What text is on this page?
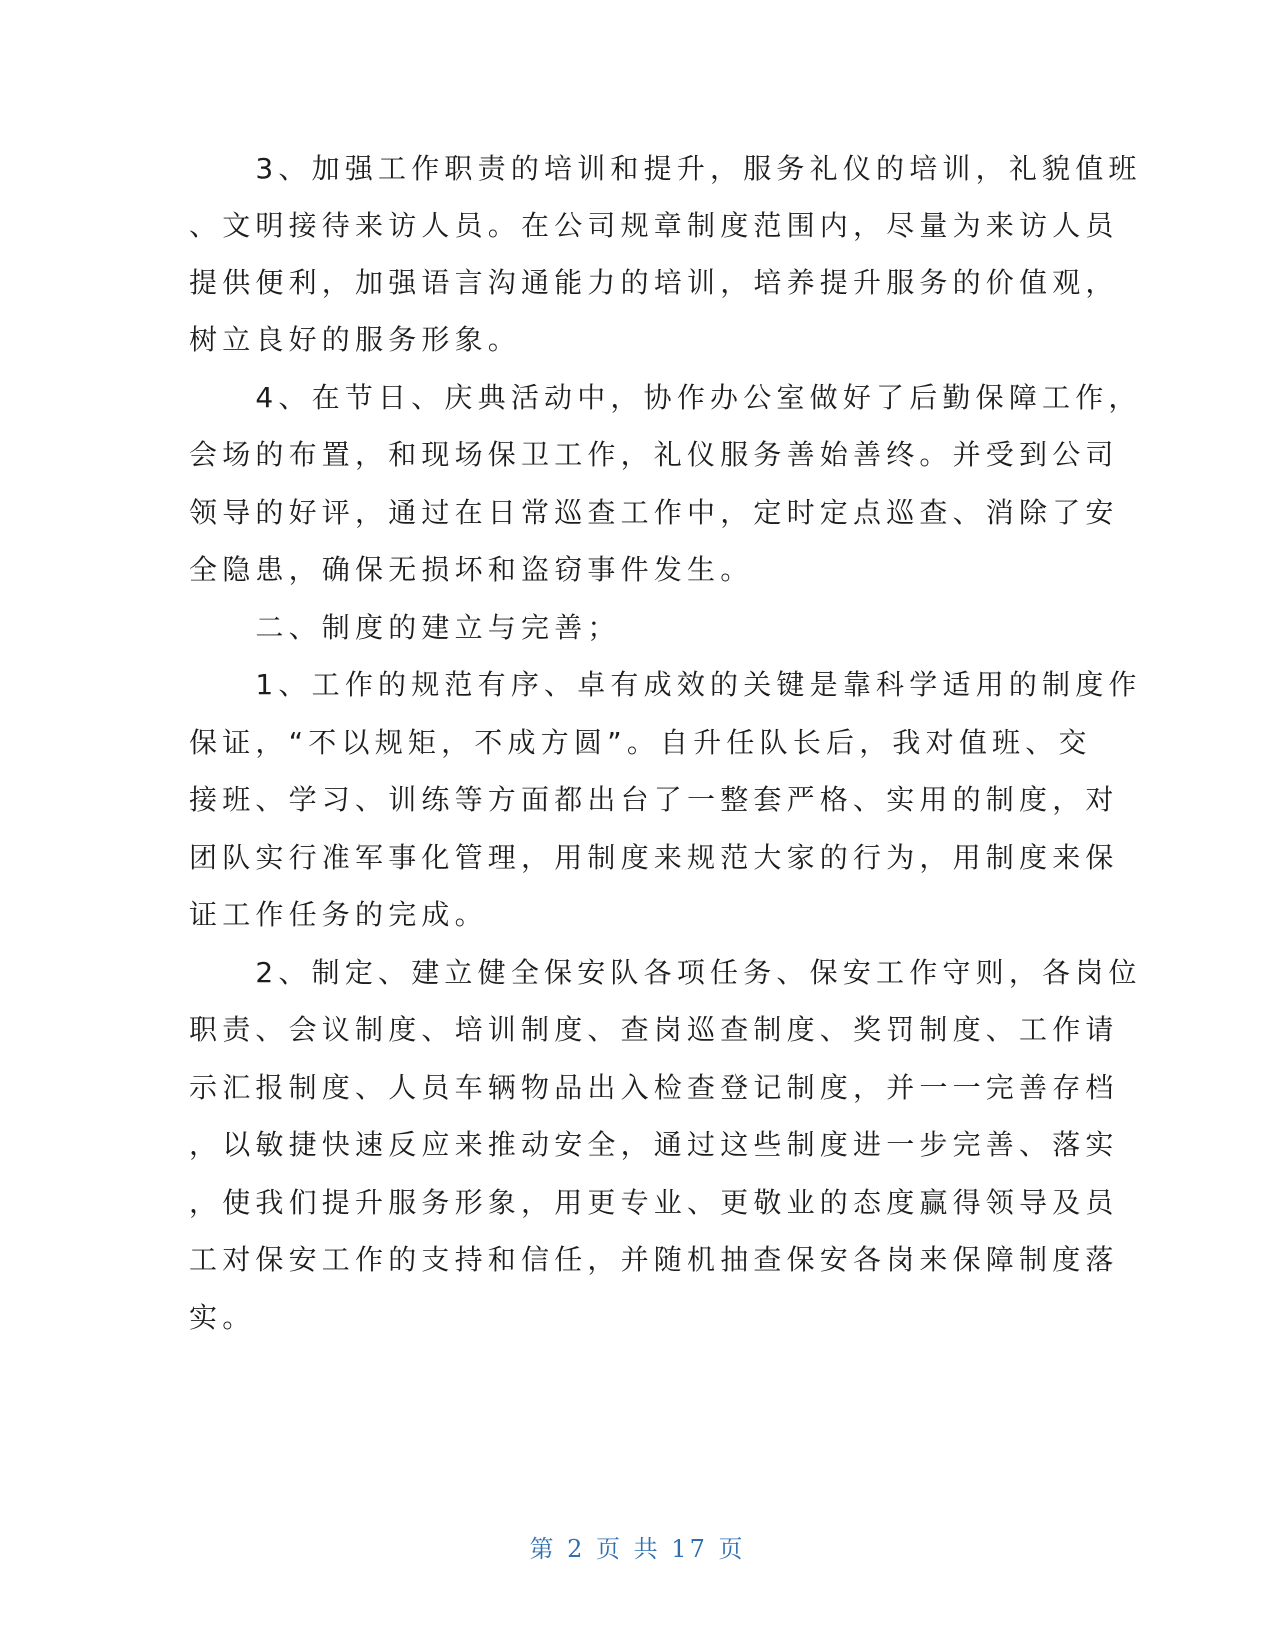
　　3、加强工作职责的培训和提升，服务礼仪的培训，礼貌值班

、文明接待来访人员。在公司规章制度范围内，尽量为来访人员

提供便利，加强语言沟通能力的培训，培养提升服务的价值观，

树立良好的服务形象。

　　4、在节日、庆典活动中，协作办公室做好了后勤保障工作，

会场的布置，和现场保卫工作，礼仪服务善始善终。并受到公司

领导的好评，通过在日常巡查工作中，定时定点巡查、消除了安

全隐患，确保无损坏和盗窃事件发生。

　　二、制度的建立与完善；

　　1、工作的规范有序、卓有成效的关键是靠科学适用的制度作

保证，“不以规矩，不成方圆”。自升任队长后，我对值班、交

接班、学习、训练等方面都出台了一整套严格、实用的制度，对

团队实行准军事化管理，用制度来规范大家的行为，用制度来保

证工作任务的完成。

　　2、制定、建立健全保安队各项任务、保安工作守则，各岗位

职责、会议制度、培训制度、查岗巡查制度、奖罚制度、工作请

示汇报制度、人员车辆物品出入检查登记制度，并一一完善存档

，以敏捷快速反应来推动安全，通过这些制度进一步完善、落实

，使我们提升服务形象，用更专业、更敬业的态度赢得领导及员

工对保安工作的支持和信任，并随机抽查保安各岗来保障制度落

实。

第 2 页 共 17 页
